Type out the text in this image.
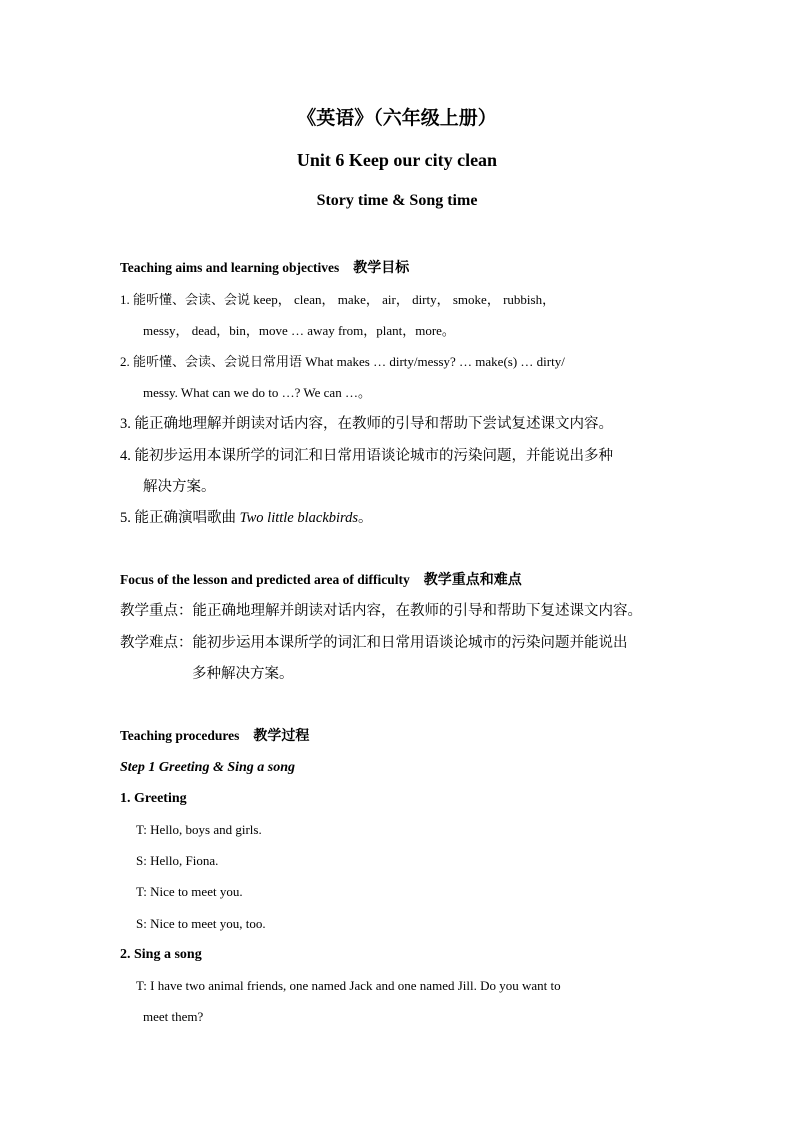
《英语》（六年级上册）
Unit 6 Keep our city clean
Story time & Song time
Teaching aims and learning objectives 教学目标
1. 能听懂、会读、会说 keep， clean， make， air， dirty， smoke， rubbish，
messy， dead，bin，move … away from，plant，more。
2. 能听懂、会读、会说日常用语 What makes … dirty/messy? … make(s) … dirty/
messy. What can we do to …? We can …。
3. 能正确地理解并朗读对话内容，在教师的引导和帮助下尝试复述课文内容。
4. 能初步运用本课所学的词汇和日常用语谈论城市的污染问题，并能说出多种
解决方案。
5. 能正确演唱歌曲 Two little blackbirds。
Focus of the lesson and predicted area of difficulty 教学重点和难点
教学重点：能正确地理解并朗读对话内容，在教师的引导和帮助下复述课文内容。
教学难点：能初步运用本课所学的词汇和日常用语谈论城市的污染问题并能说出
多种解决方案。
Teaching procedures 教学过程
Step 1 Greeting & Sing a song
1. Greeting
T: Hello, boys and girls.
S: Hello, Fiona.
T: Nice to meet you.
S: Nice to meet you, too.
2. Sing a song
T: I have two animal friends, one named Jack and one named Jill. Do you want to
meet them?
